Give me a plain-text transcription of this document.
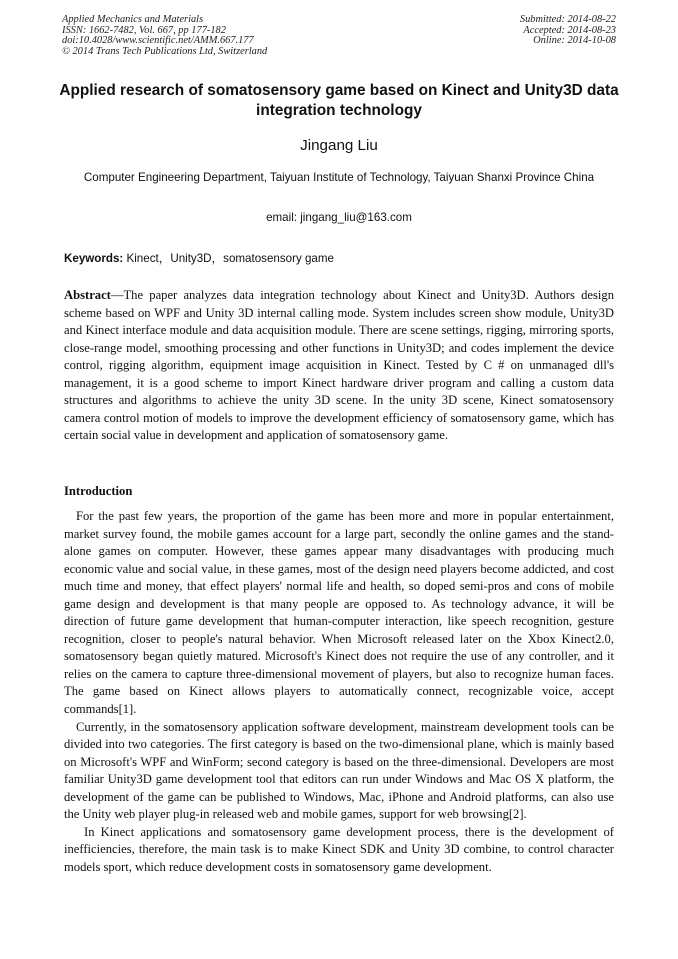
Applied Mechanics and Materials
ISSN: 1662-7482, Vol. 667, pp 177-182
doi:10.4028/www.scientific.net/AMM.667.177
© 2014 Trans Tech Publications Ltd, Switzerland
Submitted: 2014-08-22
Accepted: 2014-08-23
Online: 2014-10-08
Applied research of somatosensory game based on Kinect and Unity3D data integration technology
Jingang Liu
Computer Engineering Department, Taiyuan Institute of Technology, Taiyuan Shanxi Province China
email: jingang_liu@163.com
Keywords: Kinect，Unity3D，somatosensory game
Abstract—The paper analyzes data integration technology about Kinect and Unity3D. Authors design scheme based on WPF and Unity 3D internal calling mode. System includes screen show module, Unity3D and Kinect interface module and data acquisition module. There are scene settings, rigging, mirroring sports, close-range model, smoothing processing and other functions in Unity3D; and codes implement the device control, rigging algorithm, equipment image acquisition in Kinect. Tested by C # on unmanaged dll's management, it is a good scheme to import Kinect hardware driver program and calling a custom data structures and algorithms to achieve the unity 3D scene. In the unity 3D scene, Kinect somatosensory camera control motion of models to improve the development efficiency of somatosensory game, which has certain social value in development and application of somatosensory game.
Introduction

For the past few years, the proportion of the game has been more and more in popular entertainment, market survey found, the mobile games account for a large part, secondly the online games and the stand-alone games on computer. However, these games appear many disadvantages with producing much economic value and social value, in these games, most of the design need players become addicted, and cost much time and money, that effect players' normal life and health, so doped semi-pros and cons of mobile game design and development is that many people are opposed to. As technology advance, it will be direction of future game development that human-computer interaction, like speech recognition, gesture recognition, closer to people's natural behavior. When Microsoft released later on the Xbox Kinect2.0, somatosensory began quietly matured. Microsoft's Kinect does not require the use of any controller, and it relies on the camera to capture three-dimensional movement of players, but also to recognize human faces. The game based on Kinect allows players to automatically connect, recognizable voice, accept commands[1].

Currently, in the somatosensory application software development, mainstream development tools can be divided into two categories. The first category is based on the two-dimensional plane, which is mainly based on Microsoft's WPF and WinForm; second category is based on the three-dimensional. Developers are most familiar Unity3D game development tool that editors can run under Windows and Mac OS X platform, the development of the game can be published to Windows, Mac, iPhone and Android platforms, can also use the Unity web player plug-in released web and mobile games, support for web browsing[2].

In Kinect applications and somatosensory game development process, there is the development of inefficiencies, therefore, the main task is to make Kinect SDK and Unity 3D combine, to control character models sport, which reduce development costs in somatosensory game development.
